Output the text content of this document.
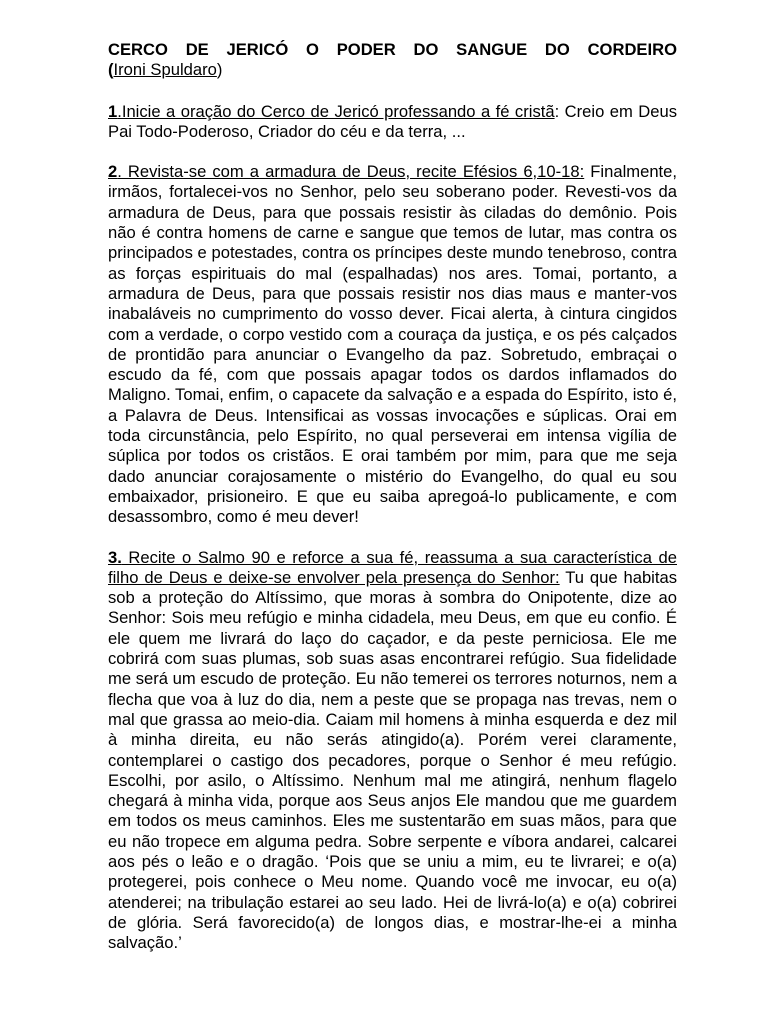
CERCO DE JERICÓ O PODER DO SANGUE DO CORDEIRO

(Ironi Spuldaro)

1.Inicie a oração do Cerco de Jericó professando a fé cristã: Creio em Deus Pai Todo-Poderoso, Criador do céu e da terra, ...

2. Revista-se com a armadura de Deus, recite Efésios 6,10-18: Finalmente, irmãos, fortalecei-vos no Senhor, pelo seu soberano poder. Revesti-vos da armadura de Deus, para que possais resistir às ciladas do demônio. Pois não é contra homens de carne e sangue que temos de lutar, mas contra os principados e potestades, contra os príncipes deste mundo tenebroso, contra as forças espirituais do mal (espalhadas) nos ares. Tomai, portanto, a armadura de Deus, para que possais resistir nos dias maus e manter-vos inabaláveis no cumprimento do vosso dever. Ficai alerta, à cintura cingidos com a verdade, o corpo vestido com a couraça da justiça, e os pés calçados de prontidão para anunciar o Evangelho da paz. Sobretudo, embraçai o escudo da fé, com que possais apagar todos os dardos inflamados do Maligno. Tomai, enfim, o capacete da salvação e a espada do Espírito, isto é, a Palavra de Deus. Intensificai as vossas invocações e súplicas. Orai em toda circunstância, pelo Espírito, no qual perseverai em intensa vigília de súplica por todos os cristãos. E orai também por mim, para que me seja dado anunciar corajosamente o mistério do Evangelho, do qual eu sou embaixador, prisioneiro. E que eu saiba apregoá-lo publicamente, e com desassombro, como é meu dever!

3. Recite o Salmo 90 e reforce a sua fé, reassuma a sua característica de filho de Deus e deixe-se envolver pela presença do Senhor: Tu que habitas sob a proteção do Altíssimo, que moras à sombra do Onipotente, dize ao Senhor: Sois meu refúgio e minha cidadela, meu Deus, em que eu confio. É ele quem me livrará do laço do caçador, e da peste perniciosa. Ele me cobrirá com suas plumas, sob suas asas encontrarei refúgio. Sua fidelidade me será um escudo de proteção. Eu não temerei os terrores noturnos, nem a flecha que voa à luz do dia, nem a peste que se propaga nas trevas, nem o mal que grassa ao meio-dia. Caiam mil homens à minha esquerda e dez mil à minha direita, eu não serás atingido(a). Porém verei claramente, contemplarei o castigo dos pecadores, porque o Senhor é meu refúgio. Escolhi, por asilo, o Altíssimo. Nenhum mal me atingirá, nenhum flagelo chegará à minha vida, porque aos Seus anjos Ele mandou que me guardem em todos os meus caminhos. Eles me sustentarão em suas mãos, para que eu não tropece em alguma pedra. Sobre serpente e víbora andarei, calcarei aos pés o leão e o dragão. ‘Pois que se uniu a mim, eu te livrarei; e o(a) protegerei, pois conhece o Meu nome. Quando você me invocar, eu o(a) atenderei; na tribulação estarei ao seu lado. Hei de livrá-lo(a) e o(a) cobrirei de glória. Será favorecido(a) de longos dias, e mostrar-lhe-ei a minha salvação.’
